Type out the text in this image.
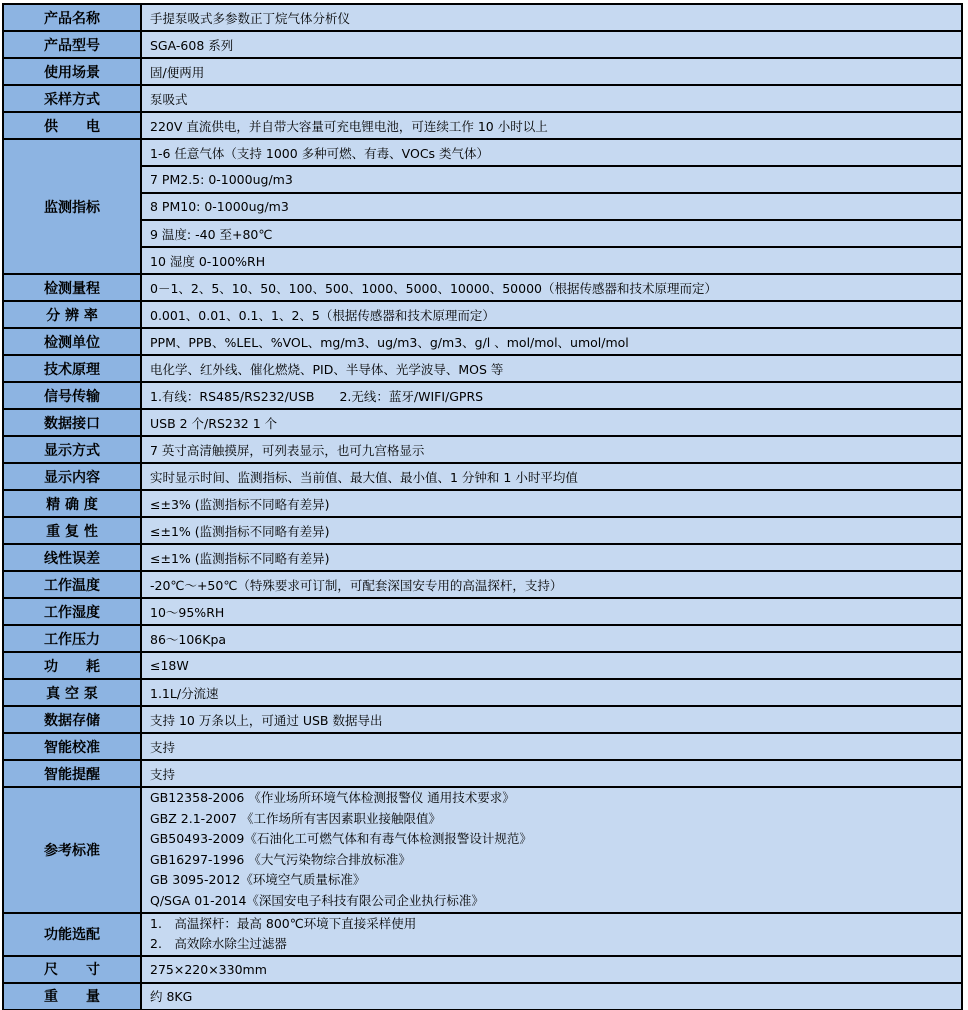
产品名称	手提泵吸式多参数正丁烷气体分析仪
产品型号	SGA-608 系列
使用场景	固/便两用
采样方式	泵吸式
供　　电	220V 直流供电，并自带大容量可充电锂电池，可连续工作 10 小时以上
监测指标	1-6 任意气体（支持 1000 多种可燃、有毒、VOCs 类气体）
	7 PM2.5: 0-1000ug/m3
	8 PM10: 0-1000ug/m3
	9 温度: -40 至+80℃
	10 湿度 0-100%RH
检测量程	0－1、2、5、10、50、100、500、1000、5000、10000、50000（根据传感器和技术原理而定）
分 辨 率	0.001、0.01、0.1、1、2、5（根据传感器和技术原理而定）
检测单位	PPM、PPB、%LEL、%VOL、mg/m3、ug/m3、g/m3、g/l 、mol/mol、umol/mol
技术原理	电化学、红外线、催化燃烧、PID、半导体、光学波导、MOS 等
信号传输	1.有线：RS485/RS232/USB　　2.无线：蓝牙/WIFI/GPRS
数据接口	USB 2 个/RS232 1 个
显示方式	7 英寸高清触摸屏，可列表显示，也可九宫格显示
显示内容	实时显示时间、监测指标、当前值、最大值、最小值、1 分钟和 1 小时平均值
精 确 度	≤±3% (监测指标不同略有差异)
重 复 性	≤±1% (监测指标不同略有差异)
线性误差	≤±1% (监测指标不同略有差异)
工作温度	-20℃～+50℃（特殊要求可订制，可配套深国安专用的高温探杆，支持）
工作湿度	10～95%RH
工作压力	86～106Kpa
功　　耗	≤18W
真 空 泵	1.1L/分流速
数据存储	支持 10 万条以上，可通过 USB 数据导出
智能校准	支持
智能提醒	支持
参考标准	
GB12358-2006 《作业场所环境气体检测报警仪 通用技术要求》
GBZ 2.1-2007 《工作场所有害因素职业接触限值》
GB50493-2009《石油化工可燃气体和有毒气体检测报警设计规范》
GB16297-1996 《大气污染物综合排放标准》
GB 3095-2012《环境空气质量标准》
Q/SGA 01-2014《深国安电子科技有限公司企业执行标准》

功能选配	1.　高温探杆：最高 800℃环境下直接采样使用
2.　高效除水除尘过滤器

尺　　寸	275×220×330mm
重　　量	约 8KG
